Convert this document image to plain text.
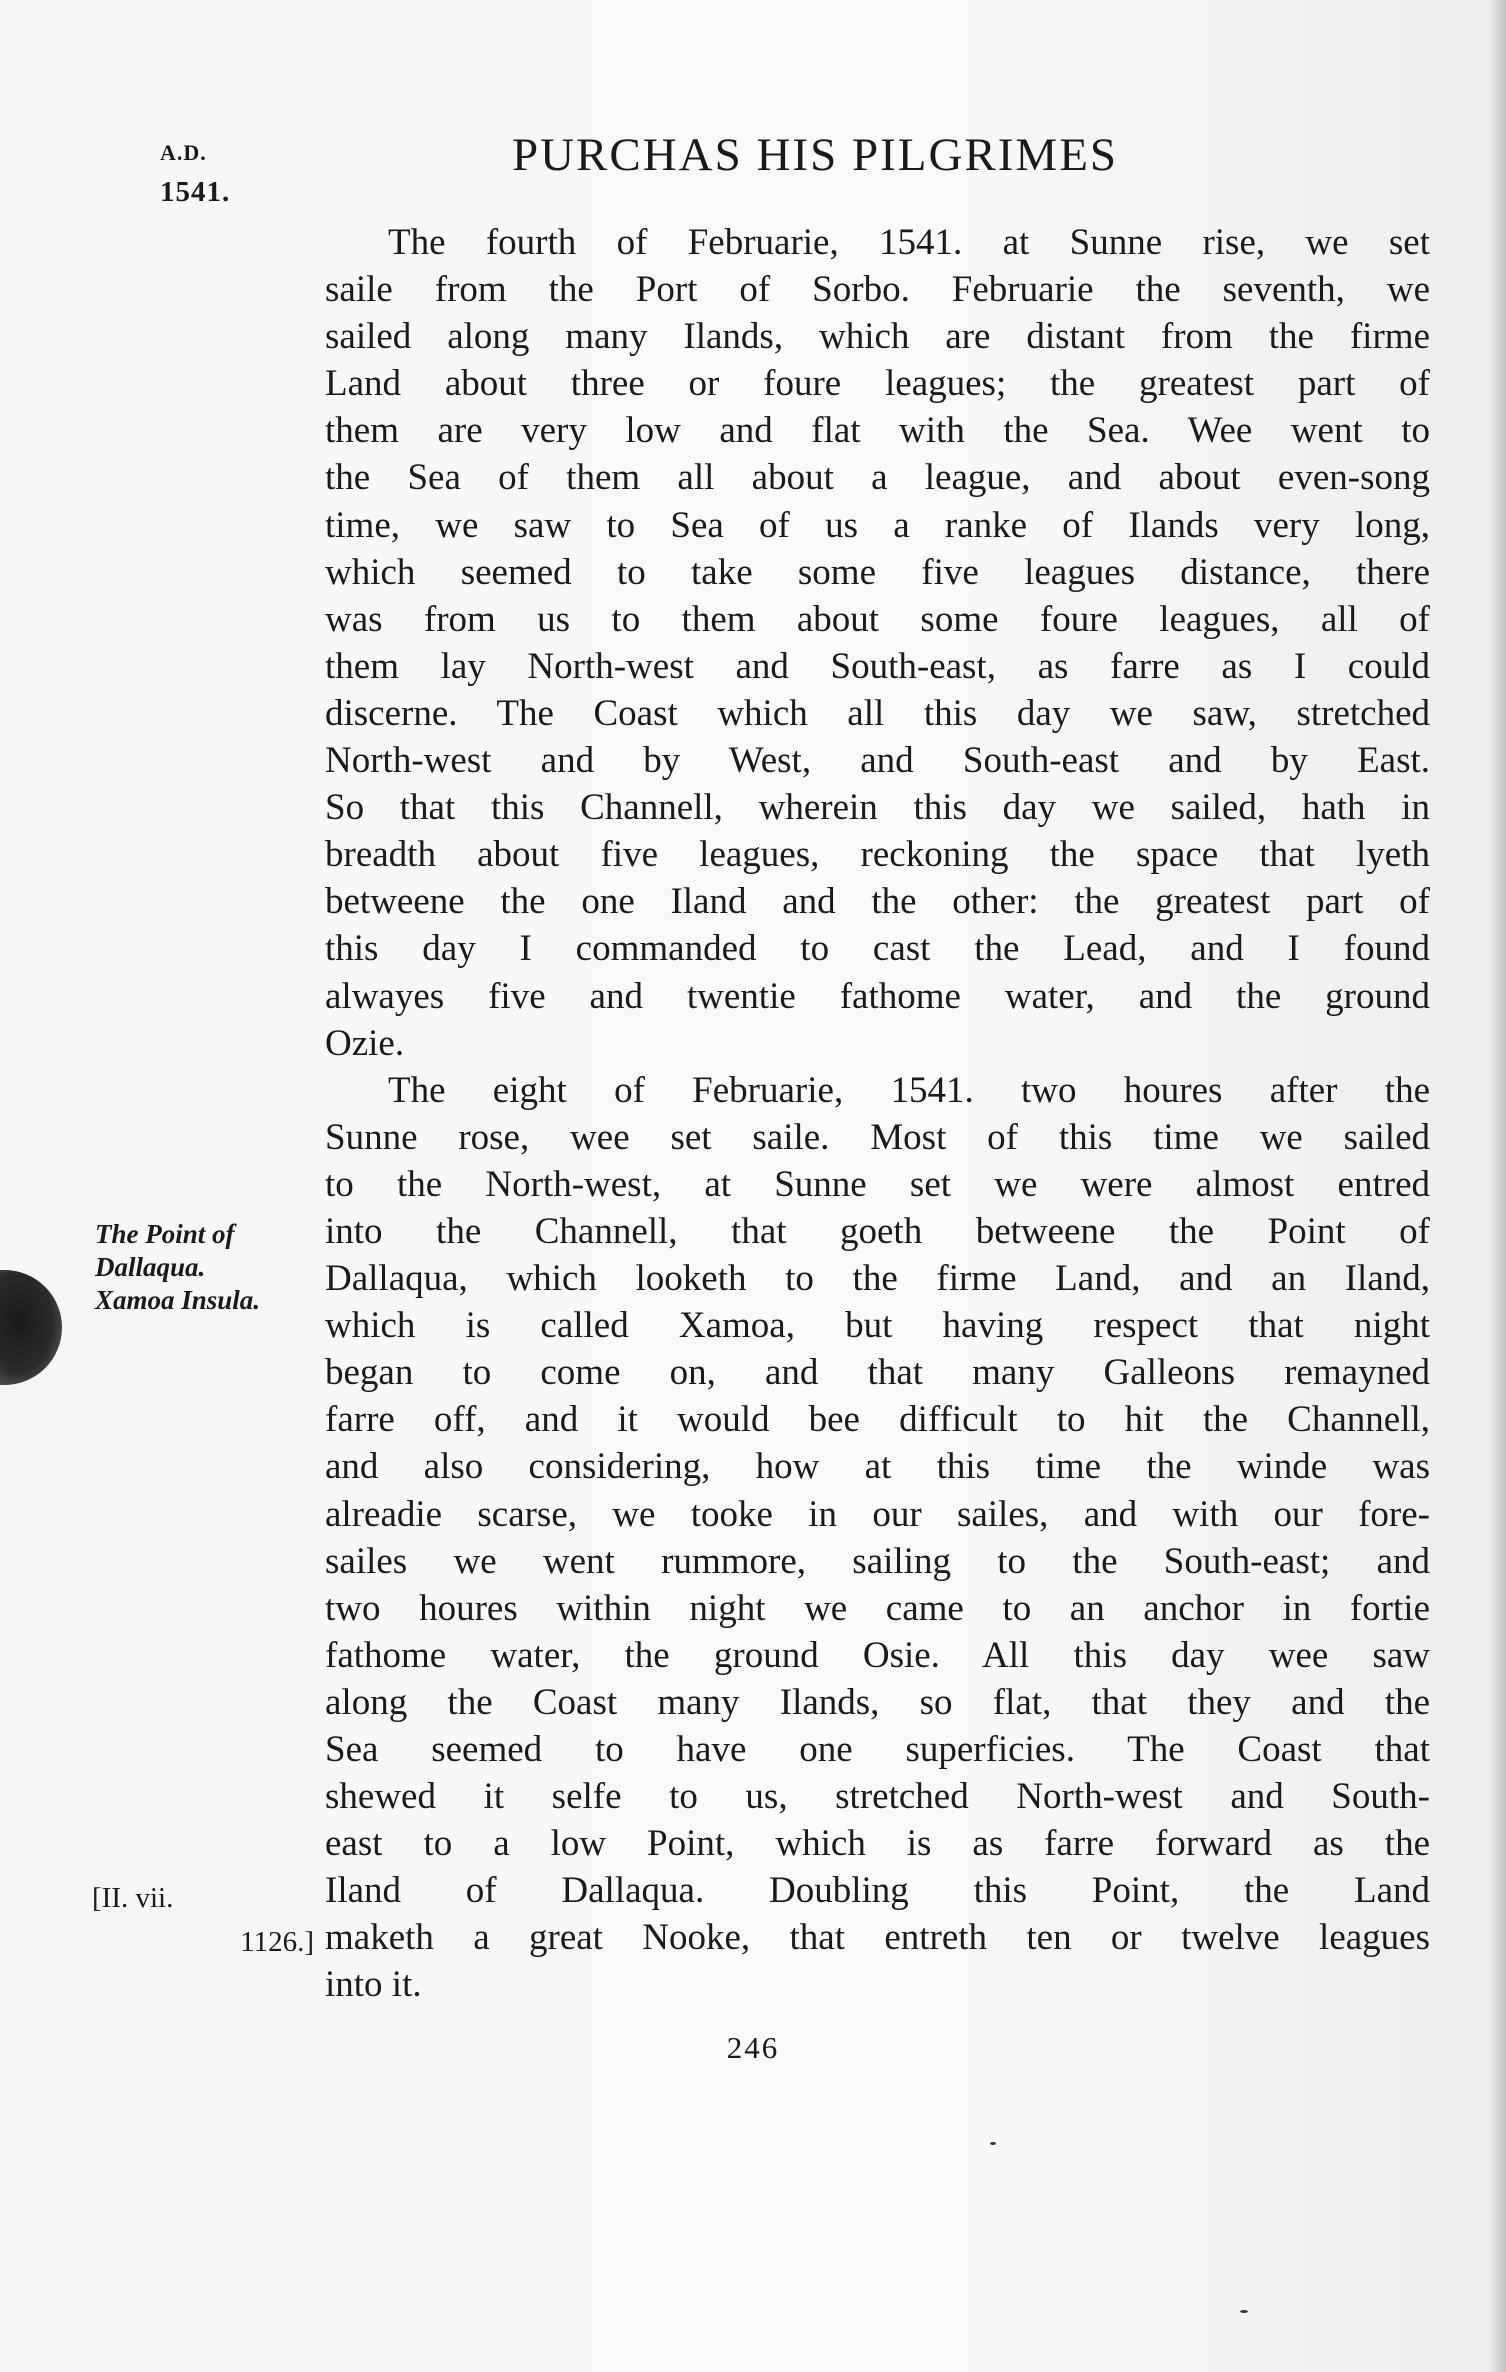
A.D.
1541.
PURCHAS HIS PILGRIMES

The fourth of Februarie, 1541. at Sunne rise, we set
saile from the Port of Sorbo. Februarie the seventh, we
sailed along many Ilands, which are distant from the firme
Land about three or foure leagues; the greatest part of
them are very low and flat with the Sea. Wee went to
the Sea of them all about a league, and about even-song
time, we saw to Sea of us a ranke of Ilands very long,
which seemed to take some five leagues distance, there
was from us to them about some foure leagues, all of
them lay North-west and South-east, as farre as I could
discerne. The Coast which all this day we saw, stretched
North-west and by West, and South-east and by East.
So that this Channell, wherein this day we sailed, hath in
breadth about five leagues, reckoning the space that lyeth
betweene the one Iland and the other: the greatest part of
this day I commanded to cast the Lead, and I found
alwayes five and twentie fathome water, and the ground
Ozie.

The eight of Februarie, 1541. two houres after the
Sunne rose, wee set saile. Most of this time we sailed
to the North-west, at Sunne set we were almost entred
into the Channell, that goeth betweene the Point of
Dallaqua, which looketh to the firme Land, and an Iland,
which is called Xamoa, but having respect that night
began to come on, and that many Galleons remayned
farre off, and it would bee difficult to hit the Channell,
and also considering, how at this time the winde was
alreadie scarse, we tooke in our sailes, and with our fore-
sailes we went rummore, sailing to the South-east; and
two houres within night we came to an anchor in fortie
fathome water, the ground Osie. All this day wee saw
along the Coast many Ilands, so flat, that they and the
Sea seemed to have one superficies. The Coast that
shewed it selfe to us, stretched North-west and South-
east to a low Point, which is as farre forward as the
Iland of Dallaqua. Doubling this Point, the Land
maketh a great Nooke, that entreth ten or twelve leagues
into it.

The Point of
Dallaqua.
Xamoa Insula.
[II. vii.
1126.]
246
